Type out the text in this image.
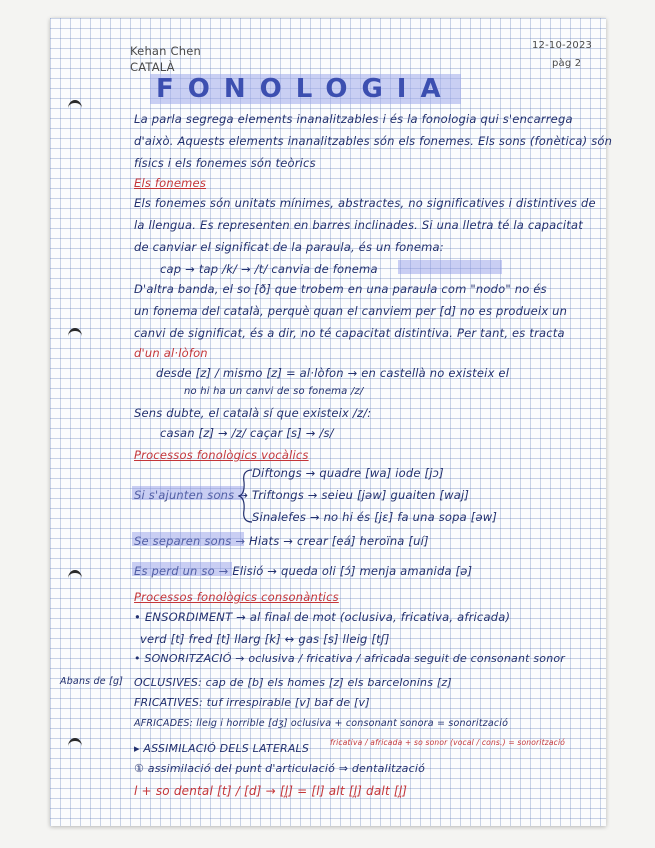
Kehan Chen
CATALÀ
12-10-2023
pàg 2
FONOLOGIA
La parla segrega elements inanalitzables i és la fonologia qui s'encarrega
d'això. Aquests elements inanalitzables són els fonemes. Els sons (fonètica) són
físics i els fonemes són teòrics
Els fonemes
Els fonemes són unitats mínimes, abstractes, no significatives i distintives de
la llengua. Es representen en barres inclinades. Si una lletra té la capacitat
de canviar el significat de la paraula, és un fonema:
cap → tap /k/ → /t/ canvia de fonema
D'altra banda, el so [ð] que trobem en una paraula com "nodo" no és
un fonema del català, perquè quan el canviem per [d] no es produeix un
canvi de significat, és a dir, no té capacitat distintiva. Per tant, es tracta
d'un al·lòfon
desde [z] / mismo [z] = al·lòfon → en castellà no existeix el
no hi ha un canvi de so fonema /z/
Sens dubte, el català sí que existeix /z/:
casan [z] → /z/ caçar [s] → /s/
Processos fonològics vocàlics
Diftongs → quadre [wa] iode [jɔ]
Si s'ajunten sons → Triftongs → seieu [jəw] guaiten [waj]
Sinalefes → no hi és [jɛ] fa una sopa [əw]
Se separen sons → Hiats → crear [eá] heroïna [uí]
Es perd un so → Elisió → queda oli [ɔ́] menja amanida [ə]
Processos fonològics consonàntics
• ENSORDIMENT → al final de mot (oclusiva, fricativa, africada)
verd [t] fred [t] llarg [k] ↔ gas [s] lleig [tʃ]
• SONORITZACIÓ → oclusiva / fricativa / africada seguit de consonant sonor
Abans de [g] OCLUSIVES: cap de [b] els homes [z] els barcelonins [z]
FRICATIVES: tuf irrespirable [v] baf de [v]
AFRICADES: lleig i horrible [dʒ] oclusiva + consonant sonora = sonorització
fricativa / africada + so sonor (vocal / cons.) = sonorització
▸ ASSIMILACIÓ DELS LATERALS
① assimilació del punt d'articulació ⇒ dentalització
l + so dental [t] / [d] → [l̪] = [l] alt [l̪] dalt [l̪]
